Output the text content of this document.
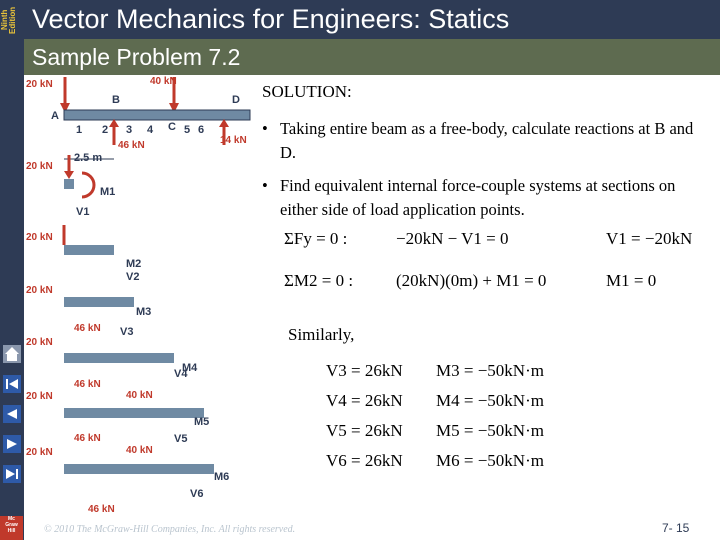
Ninth Edition Vector Mechanics for Engineers: Statics
Sample Problem 7.2
Mc
Graw
Hill
20 kN	40 kN
A
B
C
D
46 kN	14 kN
1 2 3 4	5 6
2.5 m
20 kN
M1
V1
20 kN
M2
V2
20 kN
46 kN
M3
V3
20 kN
46 kN
M4
V4
20 kN
46 kN
40 kN
M5
V5
20 kN	40 kN
M6
V6
46 kN
SOLUTION:
• Taking entire beam as a free-body, calculate reactions at B and D.
• Find equivalent internal force-couple systems at sections on either side of load application points.
ΣFy = 0 :	−20kN − V1 = 0	V1 = −20kN
ΣM2 = 0 :	(20kN)(0m) + M1 = 0	M1 = 0
Similarly,
V3 = 26kN M3 = −50kN·m
V4 = 26kN M4 = −50kN·m
V5 = 26kN M5 = −50kN·m
V6 = 26kN M6 = −50kN·m
© 2010 The McGraw-Hill Companies, Inc. All rights reserved.	7- 15
